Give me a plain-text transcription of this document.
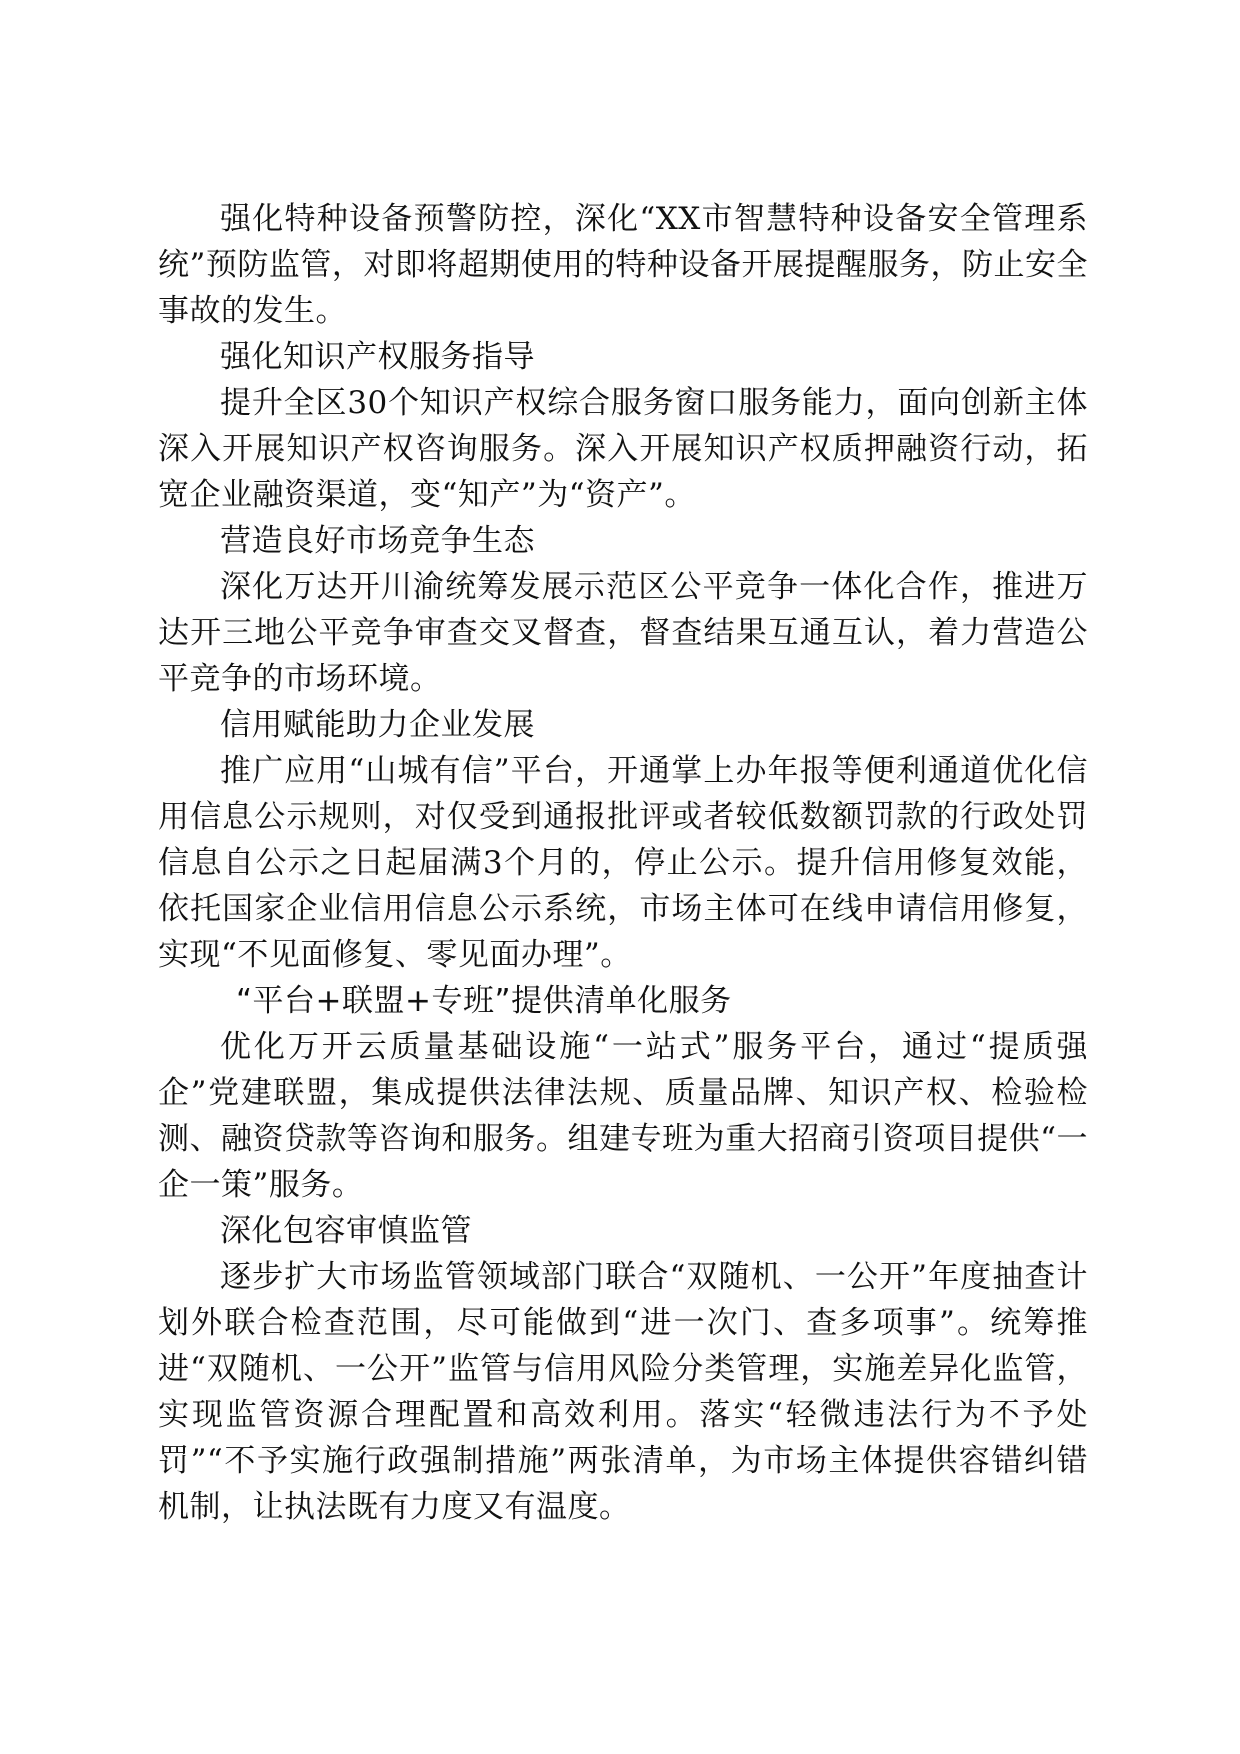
强化特种设备预警防控，深化“XX市智慧特种设备安全管理系统”预防监管，对即将超期使用的特种设备开展提醒服务，防止安全事故的发生。

强化知识产权服务指导

提升全区30个知识产权综合服务窗口服务能力，面向创新主体深入开展知识产权咨询服务。深入开展知识产权质押融资行动，拓宽企业融资渠道，变“知产”为“资产”。

营造良好市场竞争生态

深化万达开川渝统筹发展示范区公平竞争一体化合作，推进万达开三地公平竞争审查交叉督查，督查结果互通互认，着力营造公平竞争的市场环境。

信用赋能助力企业发展

推广应用“山城有信”平台，开通掌上办年报等便利通道优化信用信息公示规则，对仅受到通报批评或者较低数额罚款的行政处罚信息自公示之日起届满3个月的，停止公示。提升信用修复效能，依托国家企业信用信息公示系统，市场主体可在线申请信用修复，实现“不见面修复、零见面办理”。

“平台+联盟+专班”提供清单化服务

优化万开云质量基础设施“一站式”服务平台，通过“提质强企”党建联盟，集成提供法律法规、质量品牌、知识产权、检验检测、融资贷款等咨询和服务。组建专班为重大招商引资项目提供“一企一策”服务。

深化包容审慎监管

逐步扩大市场监管领域部门联合“双随机、一公开”年度抽查计划外联合检查范围，尽可能做到“进一次门、查多项事”。统筹推进“双随机、一公开”监管与信用风险分类管理，实施差异化监管，实现监管资源合理配置和高效利用。落实“轻微违法行为不予处罚”“不予实施行政强制措施”两张清单，为市场主体提供容错纠错机制，让执法既有力度又有温度。
